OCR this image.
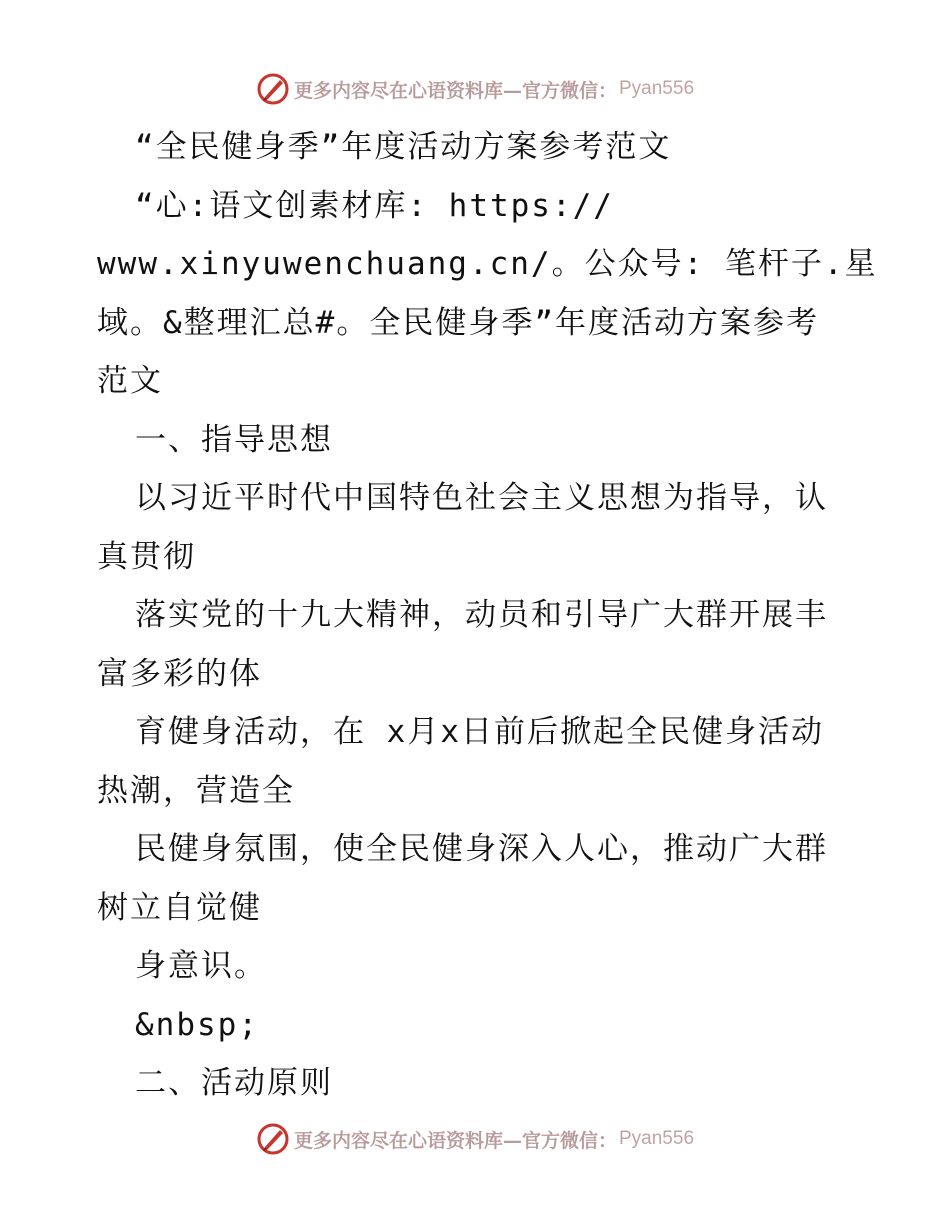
更多内容尽在心语资料库—官方微信： Pyan556
“全民健身季”年度活动方案参考范文
“心:语文创素材库: https://
www.xinyuwenchuang.cn/。公众号: 笔杆子.星
域。&整理汇总#。全民健身季”年度活动方案参考
范文
一、指导思想
以习近平时代中国特色社会主义思想为指导，认
真贯彻
落实党的十九大精神，动员和引导广大群开展丰
富多彩的体
育健身活动，在 x月x日前后掀起全民健身活动
热潮，营造全
民健身氛围，使全民健身深入人心，推动广大群
树立自觉健
身意识。
&nbsp;
二、活动原则
更多内容尽在心语资料库—官方微信： Pyan556
